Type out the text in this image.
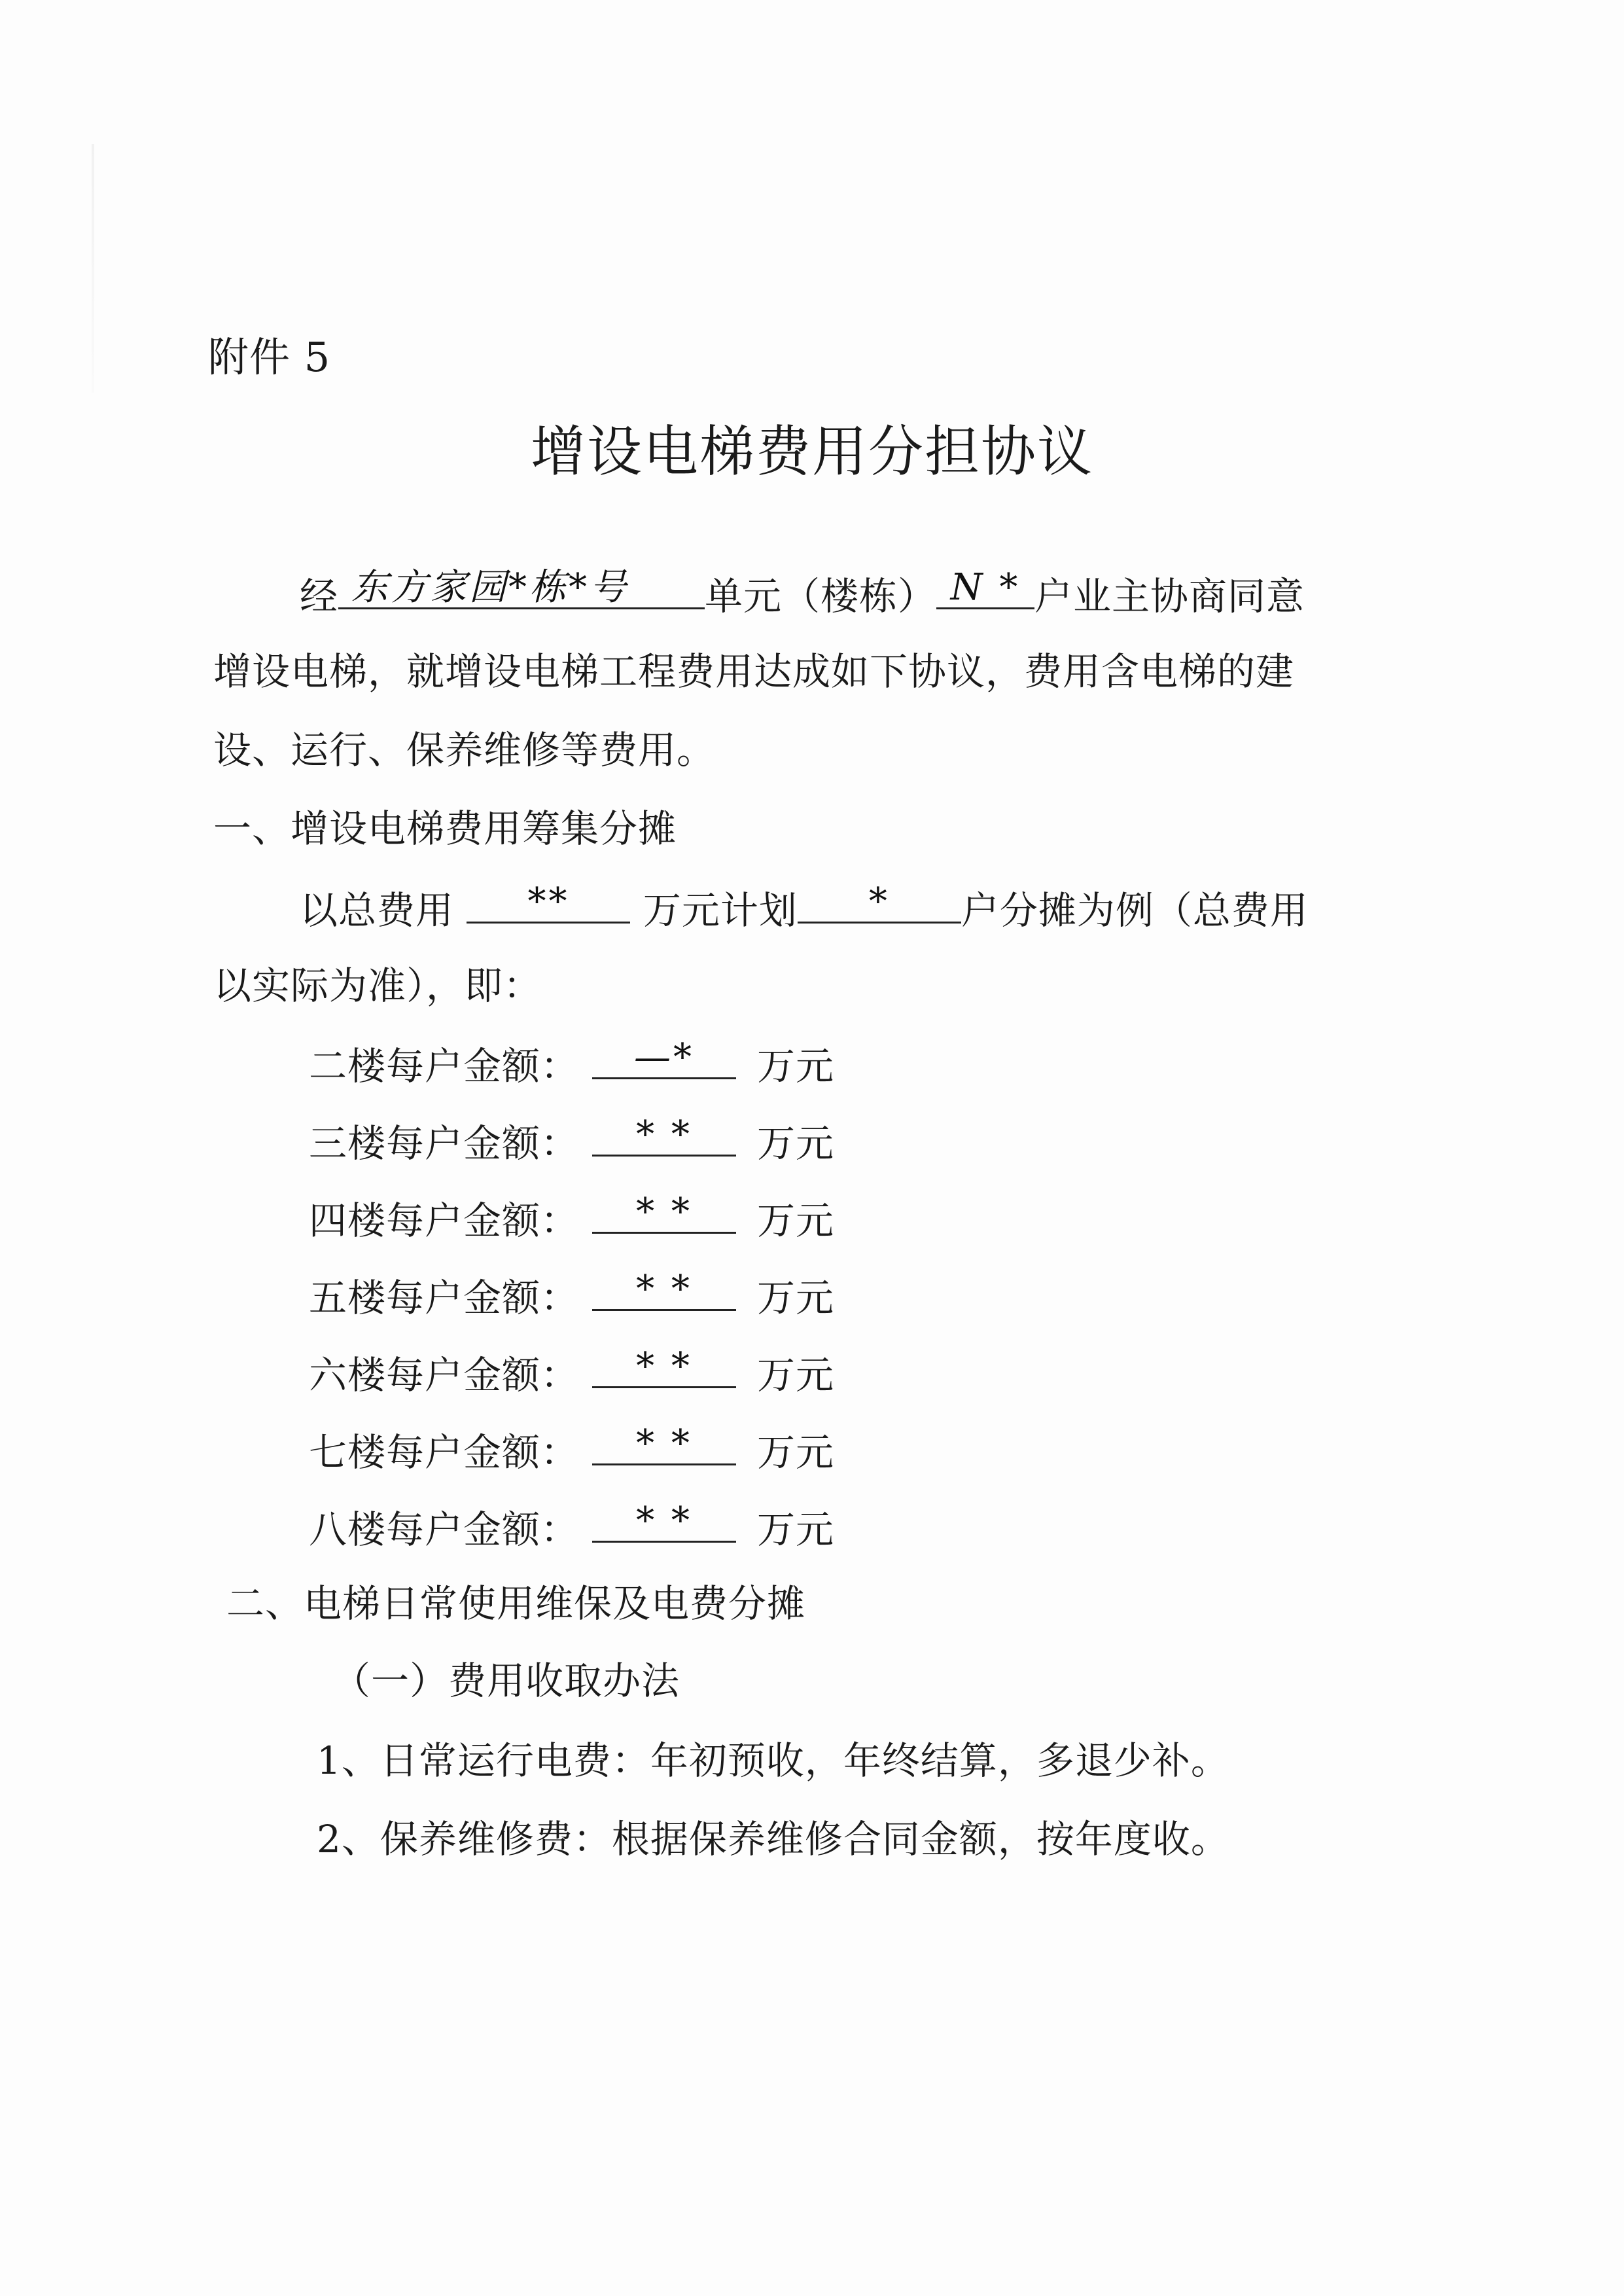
附件 5
增设电梯费用分担协议
经 东方家园*栋*号	单元（楼栋） N * 户业主协商同意
增设电梯，就增设电梯工程费用达成如下协议，费用含电梯的建
设、运行、保养维修等费用。
一、增设电梯费用筹集分摊
以总费用	**	万元计划	*	户分摊为例（总费用
以实际为准），即：
二楼每户金额：	—*	万元
三楼每户金额：	* *	万元
四楼每户金额：	* *	万元
五楼每户金额：	* *	万元
六楼每户金额：	* *	万元
七楼每户金额：	* *	万元
八楼每户金额：	* *	万元
二、电梯日常使用维保及电费分摊
（一）费用收取办法
1、日常运行电费：年初预收，年终结算，多退少补。
2、保养维修费：根据保养维修合同金额，按年度收。
